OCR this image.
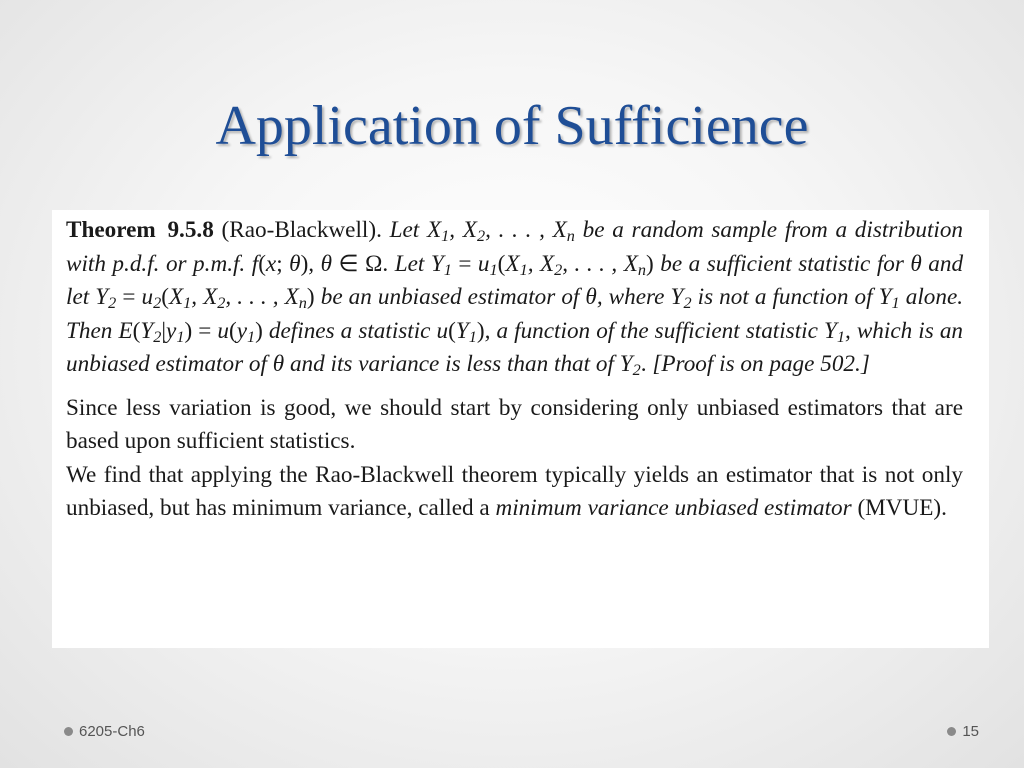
Application of Sufficience

Theorem 9.5.8 (Rao-Blackwell). Let $X_1$, $X_2$, . . . , $X_n$ be a random sample from a distribution with p.d.f. or p.m.f. f(x; θ), θ ∈ Ω. Let $Y_1 = u_1(X_1$, $X_2$, . . . , $X_n$) be a sufficient statistic for θ and let $Y_2 = u_2(X_1$, $X_2$, . . . , $X_n$) be an unbiased estimator of θ, where $Y_2$ is not a function of $Y_1$ alone. Then $E(Y_2|y_1) = u(y_1)$ defines a statistic $u(Y_1)$, a function of the sufficient statistic $Y_1$, which is an unbiased estimator of θ and its variance is less than that of $Y_2$. [Proof is on page 502.]

Since less variation is good, we should start by considering only unbiased estimators that are based upon sufficient statistics.

We find that applying the Rao-Blackwell theorem typically yields an estimator that is not only unbiased, but has minimum variance, called a minimum variance unbiased estimator (MVUE).

6205-Ch6	15
